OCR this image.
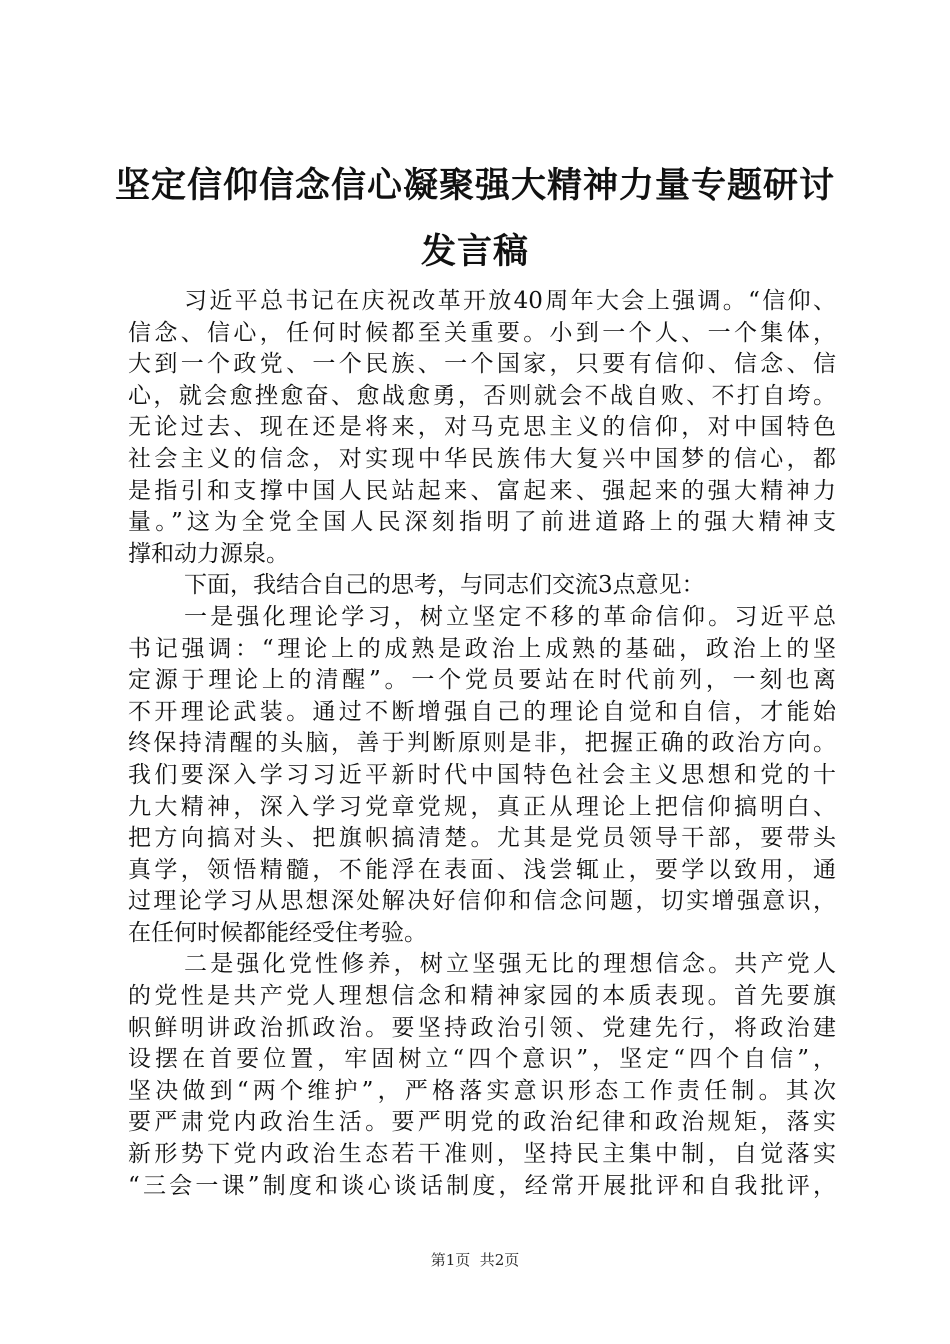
坚定信仰信念信心凝聚强大精神力量专题研讨
发言稿
习近平总书记在庆祝改革开放40周年大会上强调。“信仰、
信念、信心，任何时候都至关重要。小到一个人、一个集体，
大到一个政党、一个民族、一个国家，只要有信仰、信念、信
心，就会愈挫愈奋、愈战愈勇，否则就会不战自败、不打自垮。
无论过去、现在还是将来，对马克思主义的信仰，对中国特色
社会主义的信念，对实现中华民族伟大复兴中国梦的信心，都
是指引和支撑中国人民站起来、富起来、强起来的强大精神力
量。”这为全党全国人民深刻指明了前进道路上的强大精神支
撑和动力源泉。
下面，我结合自己的思考，与同志们交流3点意见：
一是强化理论学习，树立坚定不移的革命信仰。习近平总
书记强调：“理论上的成熟是政治上成熟的基础，政治上的坚
定源于理论上的清醒”。一个党员要站在时代前列，一刻也离
不开理论武装。通过不断增强自己的理论自觉和自信，才能始
终保持清醒的头脑，善于判断原则是非，把握正确的政治方向。
我们要深入学习习近平新时代中国特色社会主义思想和党的十
九大精神，深入学习党章党规，真正从理论上把信仰搞明白、
把方向搞对头、把旗帜搞清楚。尤其是党员领导干部，要带头
真学，领悟精髓，不能浮在表面、浅尝辄止，要学以致用，通
过理论学习从思想深处解决好信仰和信念问题，切实增强意识，
在任何时候都能经受住考验。
二是强化党性修养，树立坚强无比的理想信念。共产党人
的党性是共产党人理想信念和精神家园的本质表现。首先要旗
帜鲜明讲政治抓政治。要坚持政治引领、党建先行，将政治建
设摆在首要位置，牢固树立“四个意识”，坚定“四个自信”，
坚决做到“两个维护”，严格落实意识形态工作责任制。其次
要严肃党内政治生活。要严明党的政治纪律和政治规矩，落实
新形势下党内政治生态若干准则，坚持民主集中制，自觉落实
“三会一课”制度和谈心谈话制度，经常开展批评和自我批评，
第1页  共2页
